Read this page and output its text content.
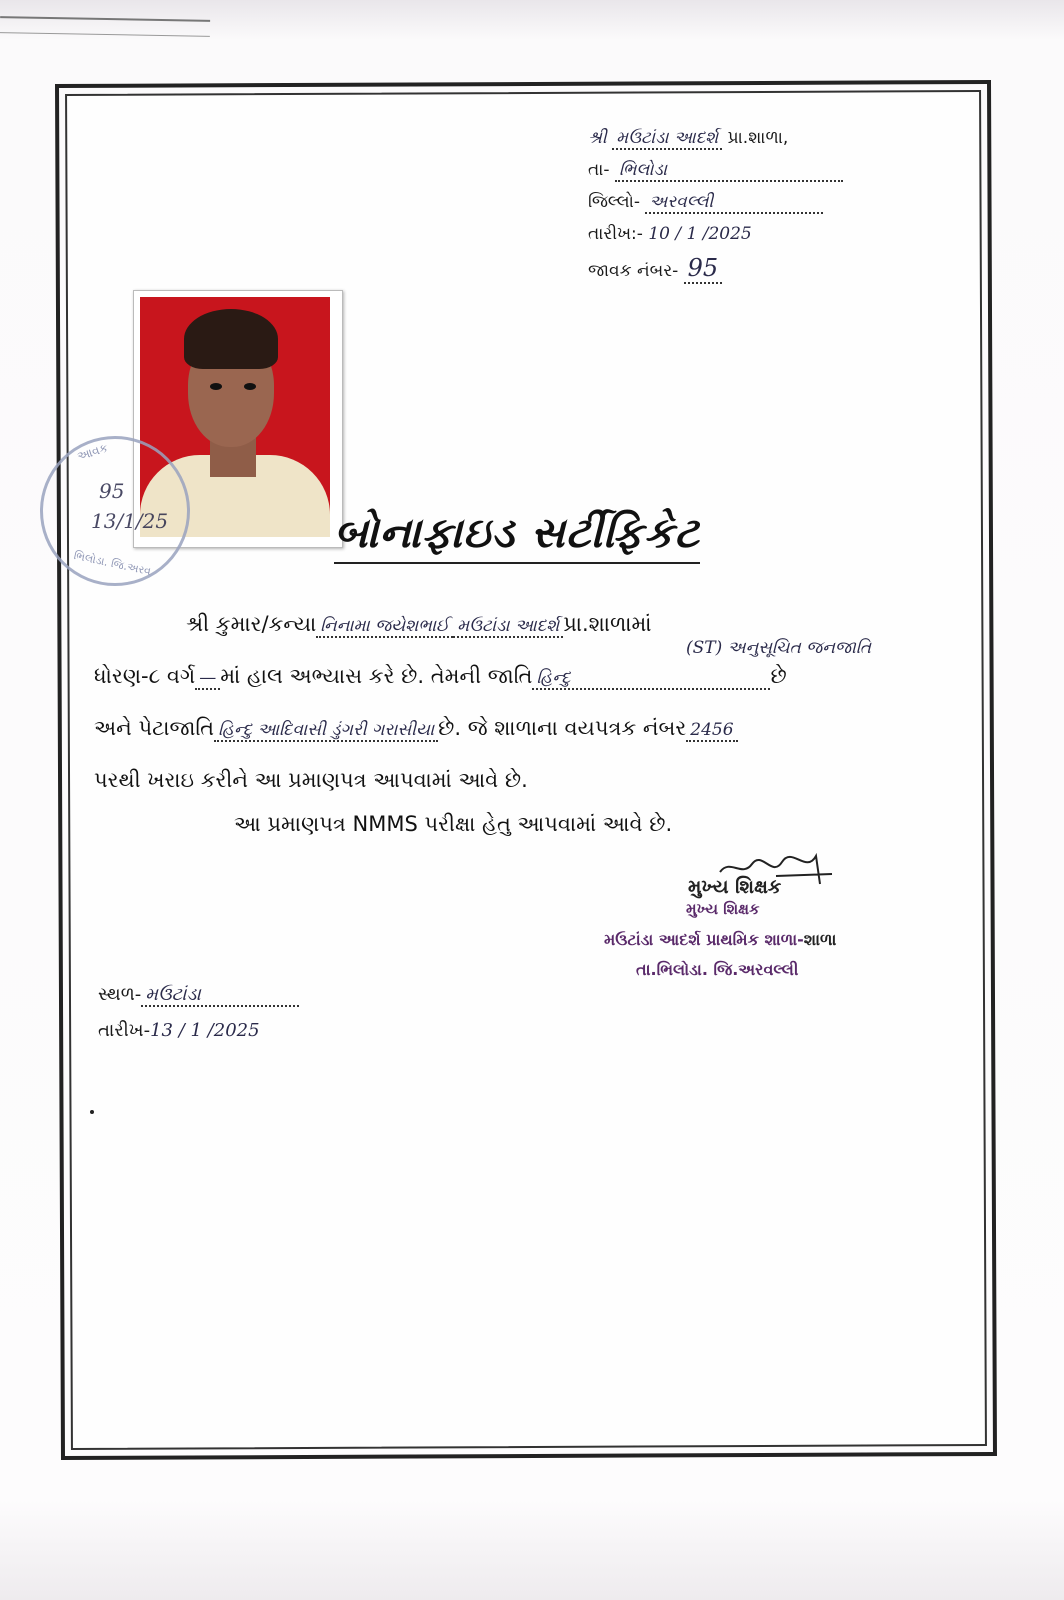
શ્રી મઉટાંડા આદર્શ પ્રા.શાળા,
તા- ભિલોડા
જિલ્લો- અરવલ્લી
તારીખ:- 10 / 1 /2025
જાવક નંબર- 95
આવક
95
13/1/25
ભિલોડા. જિ.અરવ
બોનાફાઇડ સર્ટીફિકેટ
શ્રી કુમાર/કન્યા નિનામા જયેશભાઈ મઉટાંડા આદર્શ પ્રા.શાળામાં
(ST) અનુસૂચિત જનજાતિ
ધોરણ-૮ વર્ગ — માં હાલ અભ્યાસ કરે છે. તેમની જાતિ હિન્દુ	છે
અને પેટાજાતિ હિન્દુ આદિવાસી ડુંગરી ગરાસીયા છે. જે શાળાના વયપત્રક નંબર 2456
પરથી ખરાઇ કરીને આ પ્રમાણપત્ર આપવામાં આવે છે.
આ પ્રમાણપત્ર NMMS પરીક્ષા હેતુ આપવામાં આવે છે.
મુખ્ય શિક્ષક
મુખ્ય શિક્ષક
મઉટાંડા આદર્શ પ્રાથમિક શાળા-શાળા
તા.ભિલોડા. જિ.અરવલ્લી
સ્થળ- મઉટાંડા
તારીખ-13 / 1 /2025
